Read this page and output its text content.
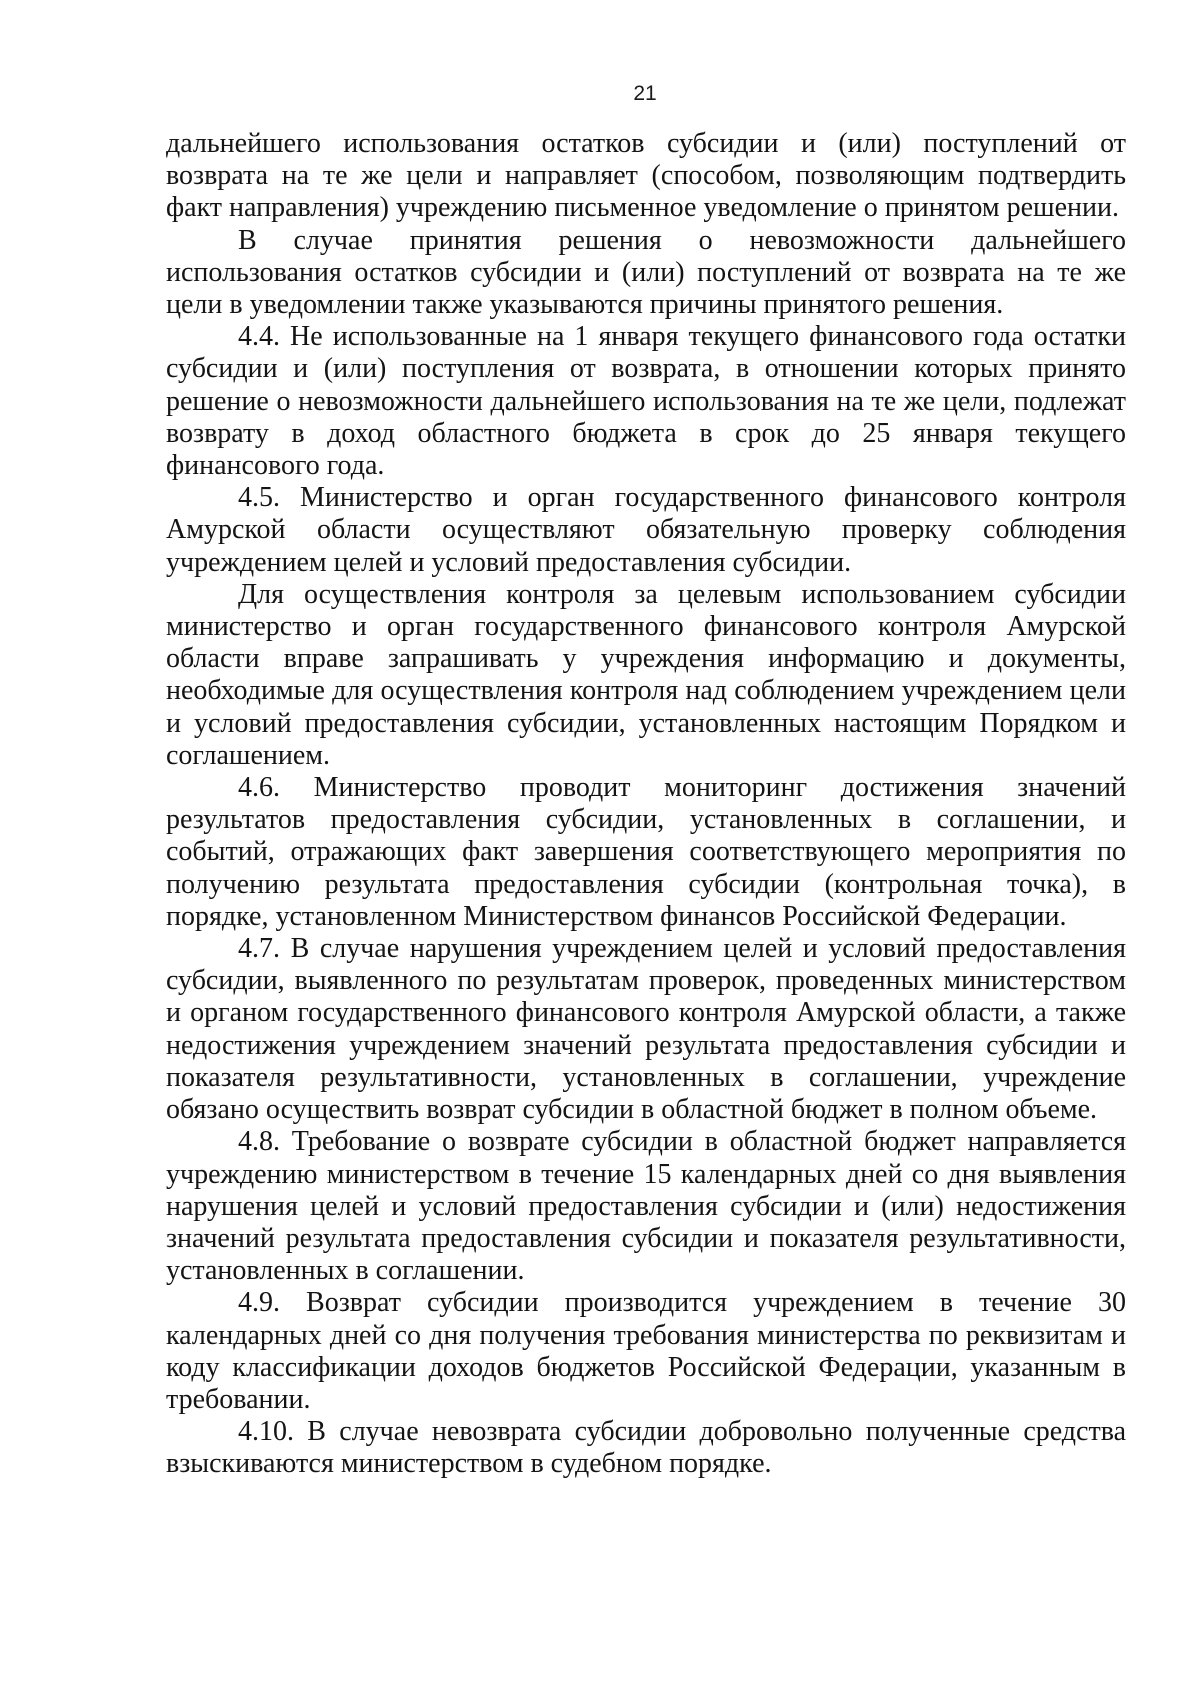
21

дальнейшего использования остатков субсидии и (или) поступлений от возврата на те же цели и направляет (способом, позволяющим подтвердить факт направления) учреждению письменное уведомление о принятом решении.

В случае принятия решения о невозможности дальнейшего использования остатков субсидии и (или) поступлений от возврата на те же цели в уведомлении также указываются причины принятого решения.

4.4. Не использованные на 1 января текущего финансового года остатки субсидии и (или) поступления от возврата, в отношении которых принято решение о невозможности дальнейшего использования на те же цели, подлежат возврату в доход областного бюджета в срок до 25 января текущего финансового года.

4.5. Министерство и орган государственного финансового контроля Амурской области осуществляют обязательную проверку соблюдения учреждением целей и условий предоставления субсидии.

Для осуществления контроля за целевым использованием субсидии министерство и орган государственного финансового контроля Амурской области вправе запрашивать у учреждения информацию и документы, необходимые для осуществления контроля над соблюдением учреждением цели и условий предоставления субсидии, установленных настоящим Порядком и соглашением.

4.6. Министерство проводит мониторинг достижения значений результатов предоставления субсидии, установленных в соглашении, и событий, отражающих факт завершения соответствующего мероприятия по получению результата предоставления субсидии (контрольная точка), в порядке, установленном Министерством финансов Российской Федерации.

4.7. В случае нарушения учреждением целей и условий предоставления субсидии, выявленного по результатам проверок, проведенных министерством и органом государственного финансового контроля Амурской области, а также недостижения учреждением значений результата предоставления субсидии и показателя результативности, установленных в соглашении, учреждение обязано осуществить возврат субсидии в областной бюджет в полном объеме.

4.8. Требование о возврате субсидии в областной бюджет направляется учреждению министерством в течение 15 календарных дней со дня выявления нарушения целей и условий предоставления субсидии и (или) недостижения значений результата предоставления субсидии и показателя результативности, установленных в соглашении.

4.9. Возврат субсидии производится учреждением в течение 30 календарных дней со дня получения требования министерства по реквизитам и коду классификации доходов бюджетов Российской Федерации, указанным в требовании.

4.10. В случае невозврата субсидии добровольно полученные средства взыскиваются министерством в судебном порядке.
